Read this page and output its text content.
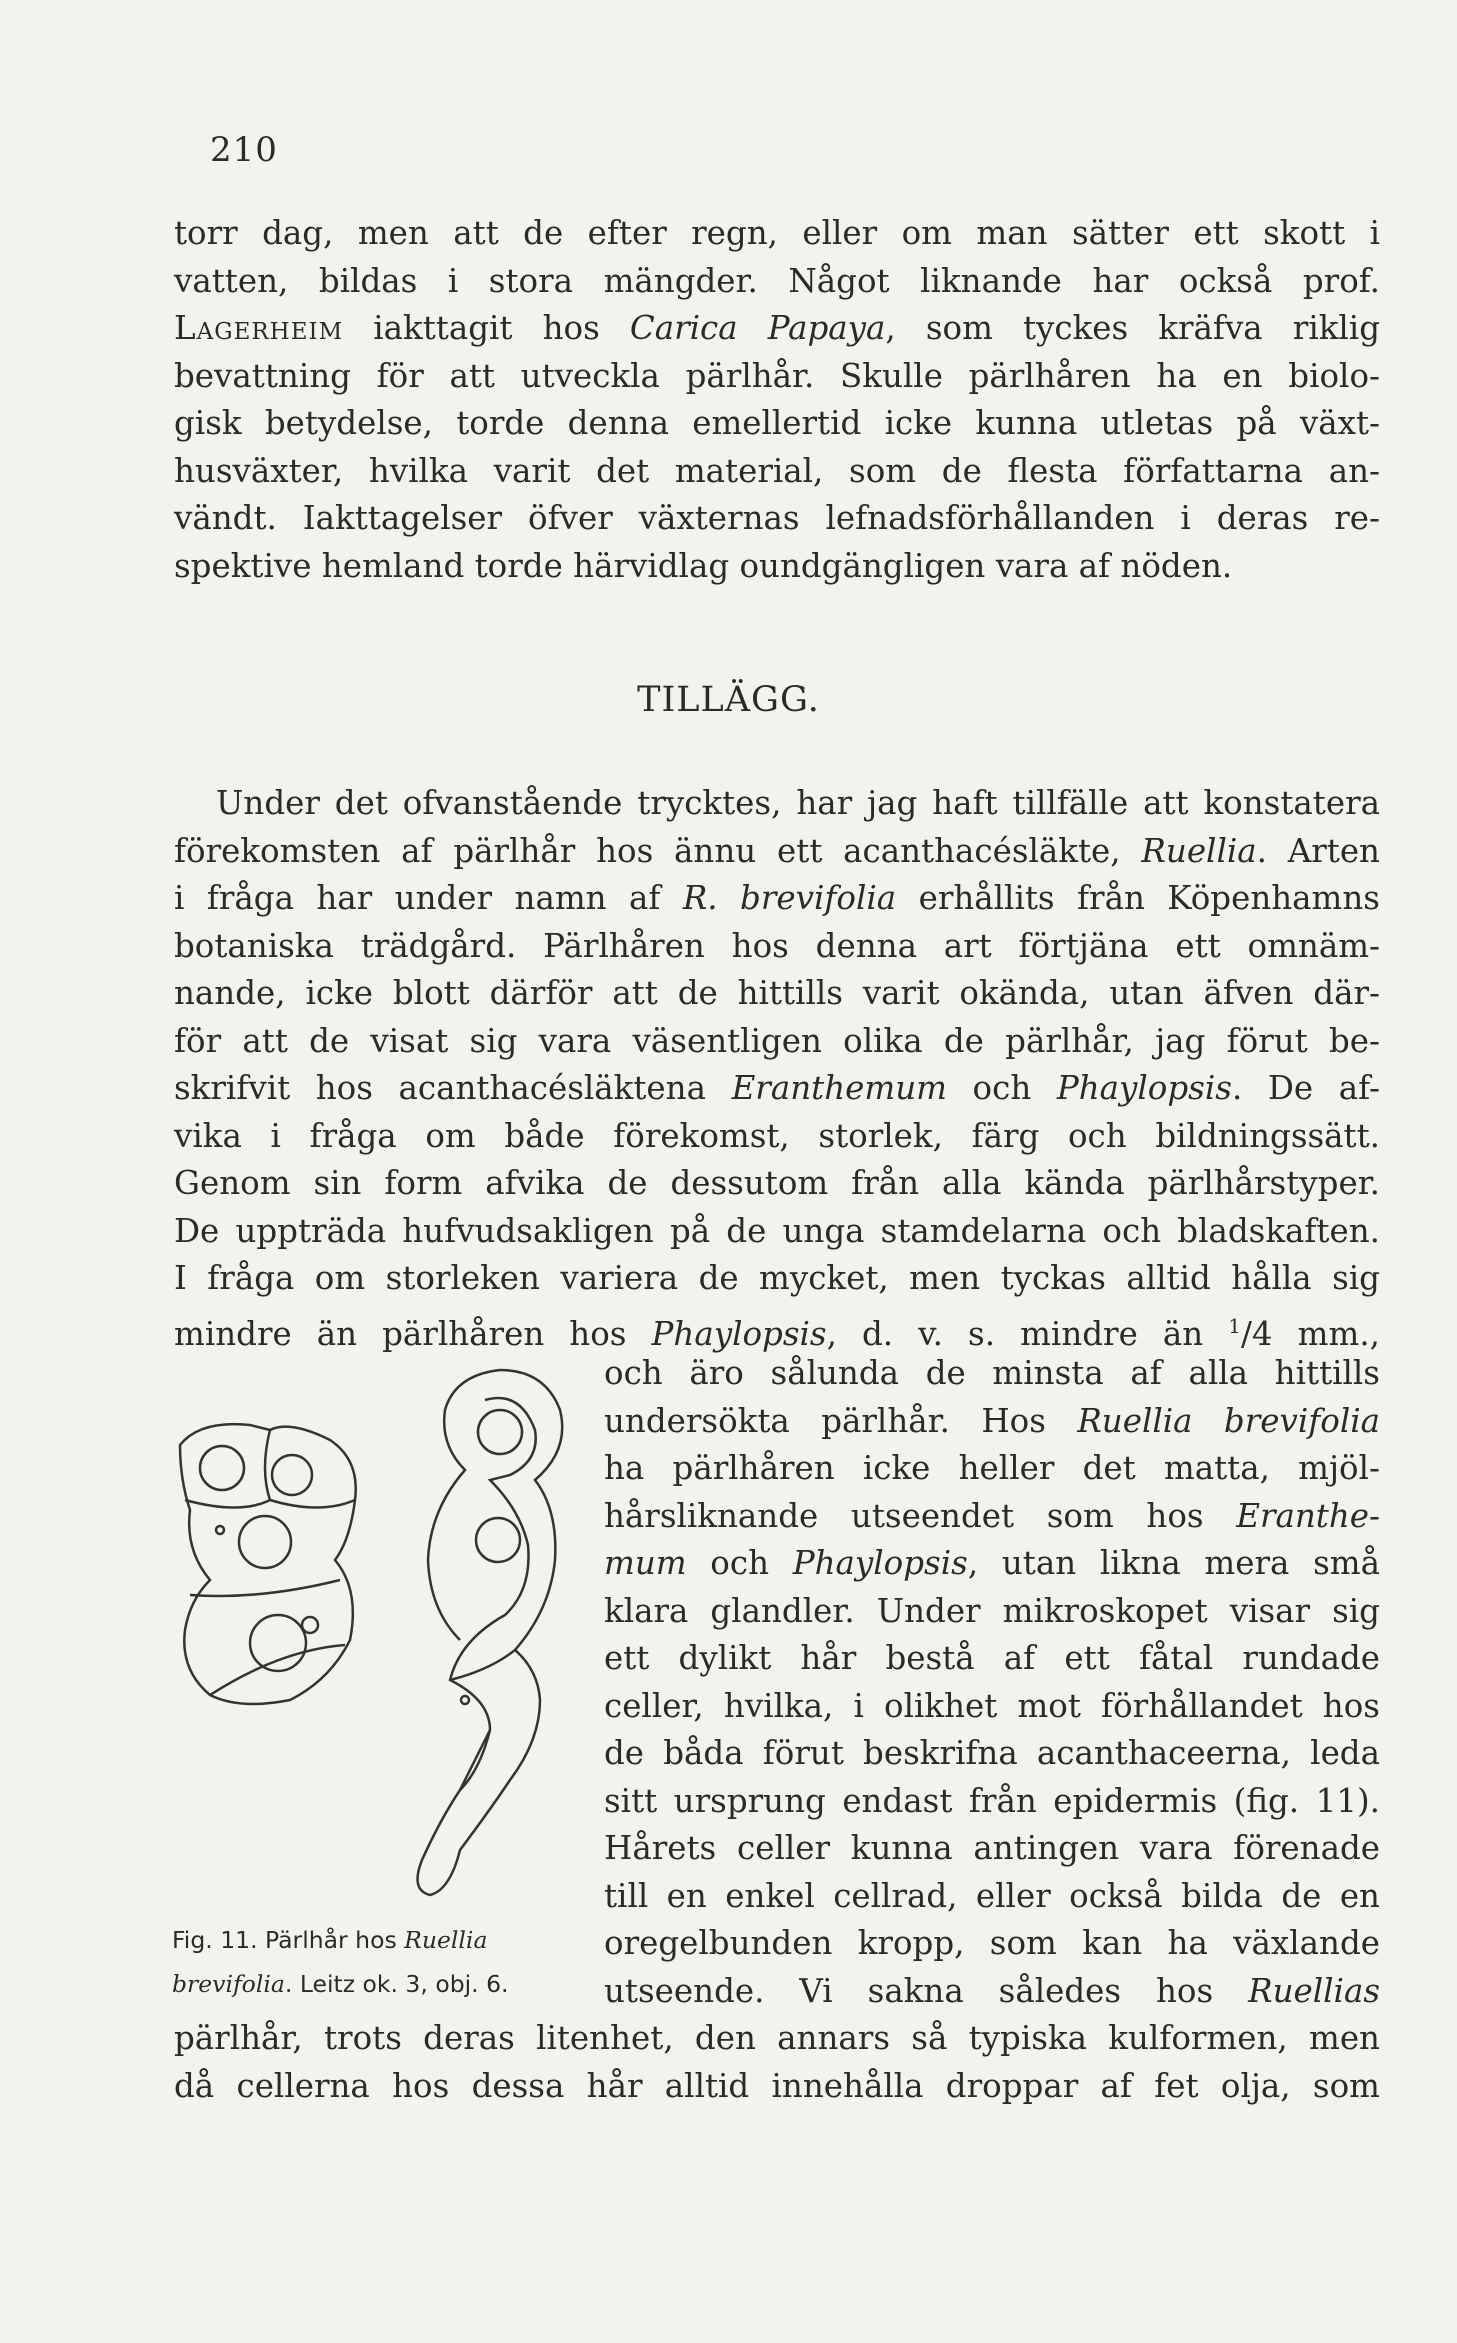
210
torr dag, men att de efter regn, eller om man sätter ett skott i
vatten, bildas i stora mängder. Något liknande har också prof.
Lagerheim iakttagit hos Carica Papaya, som tyckes kräfva riklig
bevattning för att utveckla pärlhår. Skulle pärlhåren ha en biolo-
gisk betydelse, torde denna emellertid icke kunna utletas på växt-
husväxter, hvilka varit det material, som de flesta författarna an-
vändt. Iakttagelser öfver växternas lefnadsförhållanden i deras re-
spektive hemland torde härvidlag oundgängligen vara af nöden.
TILLÄGG.
Under det ofvanstående trycktes, har jag haft tillfälle att konstatera
förekomsten af pärlhår hos ännu ett acanthacésläkte, Ruellia. Arten
i fråga har under namn af R. brevifolia erhållits från Köpenhamns
botaniska trädgård. Pärlhåren hos denna art förtjäna ett omnäm-
nande, icke blott därför att de hittills varit okända, utan äfven där-
för att de visat sig vara väsentligen olika de pärlhår, jag förut be-
skrifvit hos acanthacésläktena Eranthemum och Phaylopsis. De af-
vika i fråga om både förekomst, storlek, färg och bildningssätt.
Genom sin form afvika de dessutom från alla kända pärlhårstyper.
De uppträda hufvudsakligen på de unga stamdelarna och bladskaften.
I fråga om storleken variera de mycket, men tyckas alltid hålla sig
mindre än pärlhåren hos Phaylopsis, d. v. s. mindre än $^1$/4 mm.,
och äro sålunda de minsta af alla hittills
undersökta pärlhår. Hos Ruellia brevifolia
ha pärlhåren icke heller det matta, mjöl-
hårsliknande utseendet som hos Eranthe-
mum och Phaylopsis, utan likna mera små
klara glandler. Under mikroskopet visar sig
ett dylikt hår bestå af ett fåtal rundade
celler, hvilka, i olikhet mot förhållandet hos
de båda förut beskrifna acanthaceerna, leda
sitt ursprung endast från epidermis (fig. 11).
Hårets celler kunna antingen vara förenade
till en enkel cellrad, eller också bilda de en
oregelbunden kropp, som kan ha växlande
utseende. Vi sakna således hos Ruellias
pärlhår, trots deras litenhet, den annars så typiska kulformen, men
då cellerna hos dessa hår alltid innehålla droppar af fet olja, som
Fig. 11. Pärlhår hos Ruellia
brevifolia. Leitz ok. 3, obj. 6.
